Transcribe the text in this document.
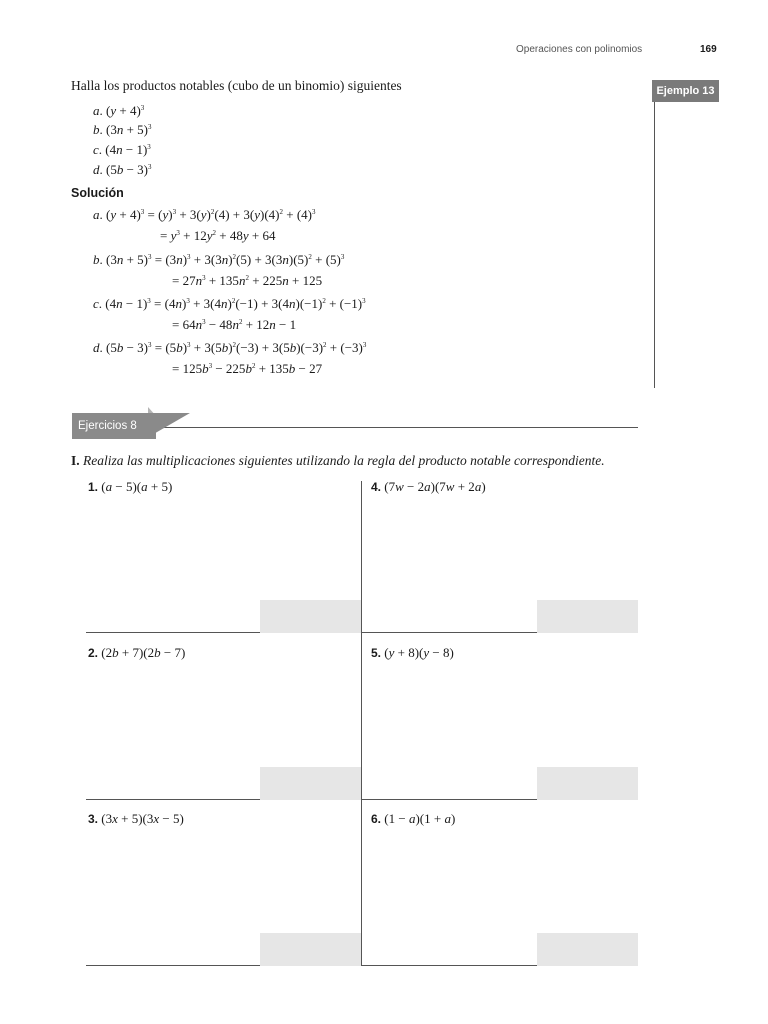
Operaciones con polinomios	169
Ejemplo 13
Halla los productos notables (cubo de un binomio) siguientes
a. $(y + 4)^3$
b. $(3n + 5)^3$
c. $(4n - 1)^3$
d. $(5b - 3)^3$
Solución
a. $(y + 4)^3 = (y)^3 + 3(y)^2(4) + 3(y)(4)^2 + (4)^3$
= $y^3 + 12y^2 + 48y + 64$
b. $(3n + 5)^3 = (3n)^3 + 3(3n)^2(5) + 3(3n)(5)^2 + (5)^3$
= $27n^3 + 135n^2 + 225n + 125$
c. $(4n - 1)^3 = (4n)^3 + 3(4n)^2(-1) + 3(4n)(-1)^2 + (-1)^3$
= $64n^3 - 48n^2 + 12n - 1$
d. $(5b - 3)^3 = (5b)^3 + 3(5b)^2(-3) + 3(5b)(-3)^2 + (-3)^3$
= $125b^3 - 225b^2 + 135b - 27$
Ejercicios 8
I. Realiza las multiplicaciones siguientes utilizando la regla del producto notable correspondiente.
1. (a − 5)(a + 5)	4. (7w − 2a)(7w + 2a)
2. (2b + 7)(2b − 7)	5. (y + 8)(y − 8)
3. (3x + 5)(3x − 5)	6. (1 − a)(1 + a)
